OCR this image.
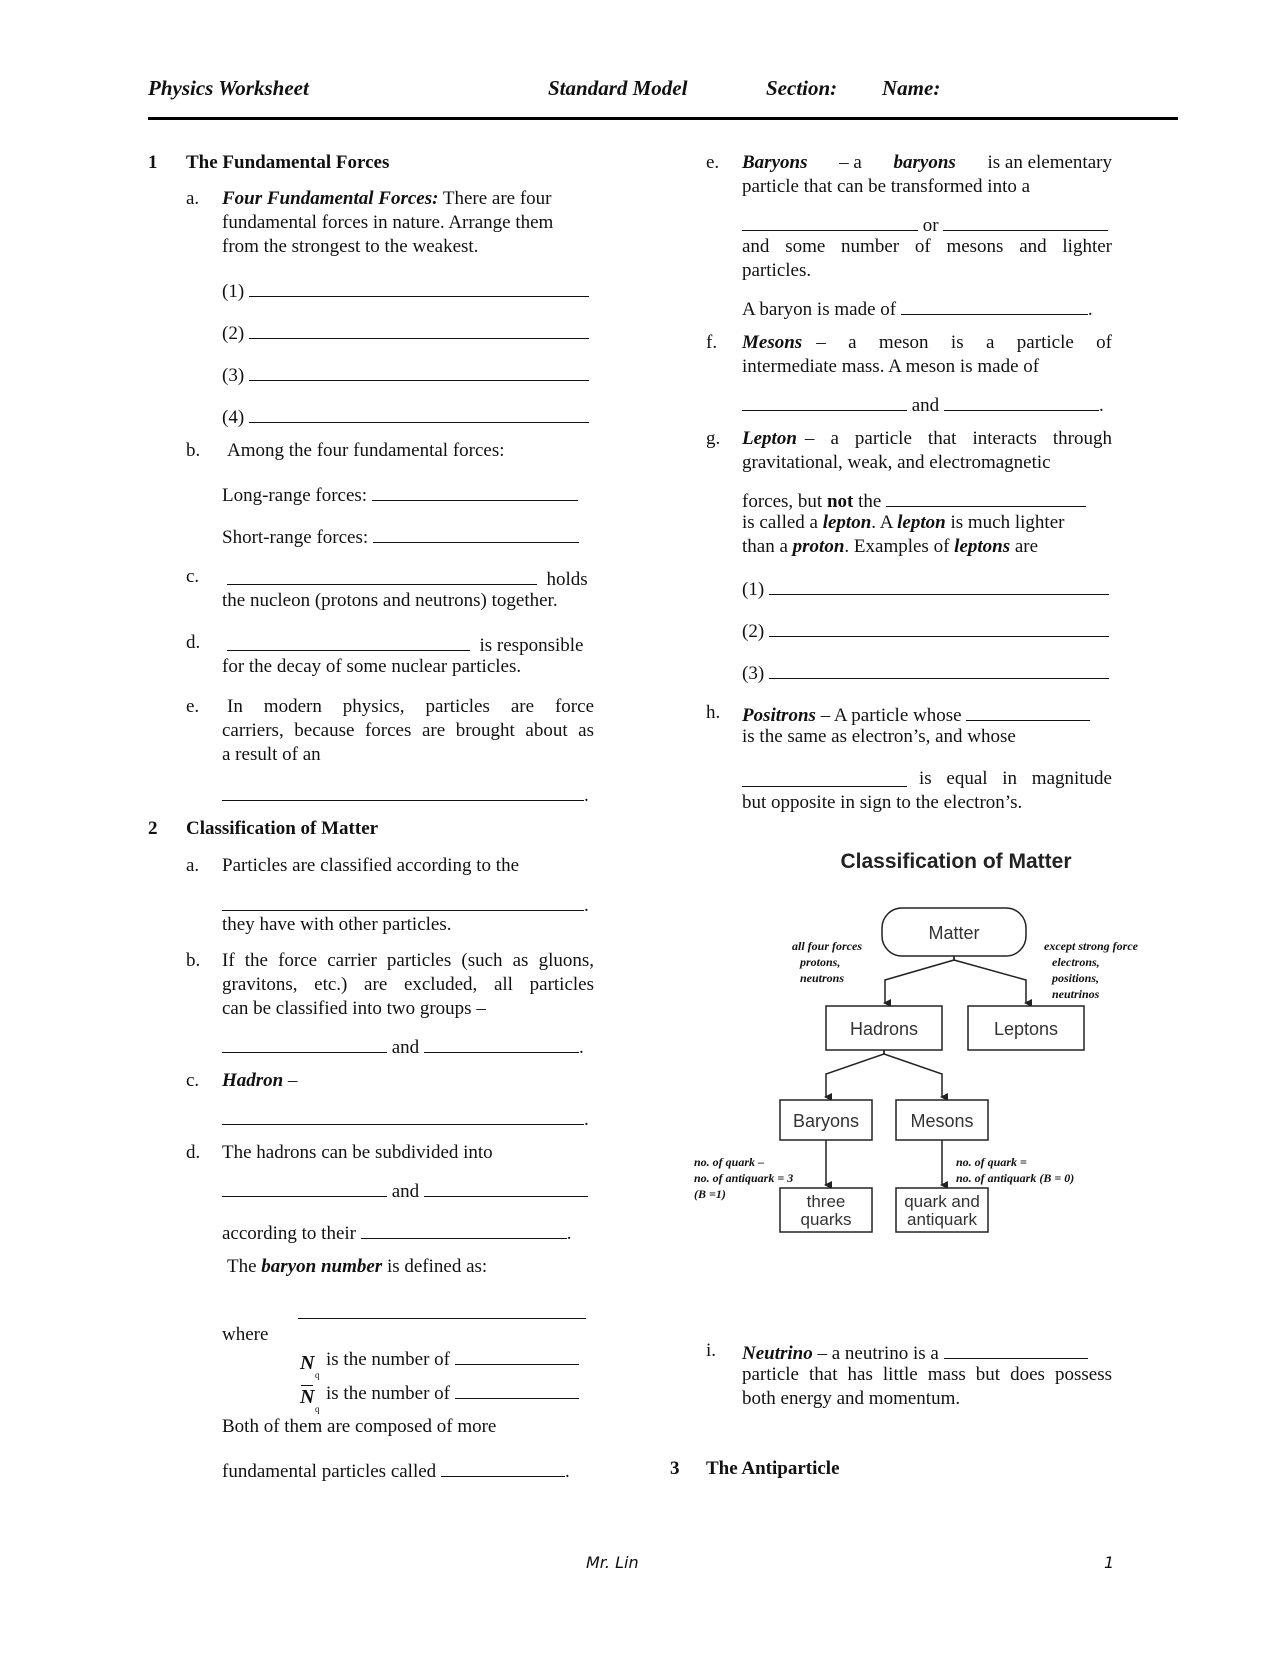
Physics Worksheet	Standard Model	Section: Name:
1 The Fundamental Forces
a. Four Fundamental Forces: There are four
fundamental forces in nature. Arrange them
from the strongest to the weakest.
(1)
(2)
(3)
(4)
b. Among the four fundamental forces:
Long-range forces:
Short-range forces:
c.	holds
the nucleon (protons and neutrons) together.
d.	is responsible
for the decay of some nuclear particles.
e. In modern physics, particles are force
carriers, because forces are brought about as
a result of an
.
2 Classification of Matter
a. Particles are classified according to the
.
they have with other particles.
b. If the force carrier particles (such as gluons,
gravitons, etc.) are excluded, all particles
can be classified into two groups –
and	.
c. Hadron –
.
d. The hadrons can be subdivided into
and
according to their	.
The baryon number is defined as:
where
N
q
is the number of
N
q
is the number of
Both of them are composed of more
fundamental particles called	.
e. Baryons – a baryons is an elementary
particle that can be transformed into a
or
and some number of mesons and lighter
particles.
A baryon is made of	.
f. Mesons – a meson is a particle of
intermediate mass. A meson is made of
and	.
g. Lepton – a particle that interacts through
gravitational, weak, and electromagnetic
forces, but not the
is called a lepton. A lepton is much lighter
than a proton. Examples of leptons are
(1)
(2)
(3)
h. Positrons – A particle whose
is the same as electron’s, and whose
is equal in magnitude
but opposite in sign to the electron’s.
Classification of Matter
Matter
Hadrons	Leptons
Baryons	Mesons
three
quarks
quark and
antiquark
all four forces
protons,
neutrons
except strong force
electrons,
positions,
neutrinos
no. of quark –
no. of antiquark = 3
(B =1)
no. of quark =
no. of antiquark (B = 0)
i. Neutrino – a neutrino is a
particle that has little mass but does possess
both energy and momentum.
3 The Antiparticle
Mr. Lin	1
